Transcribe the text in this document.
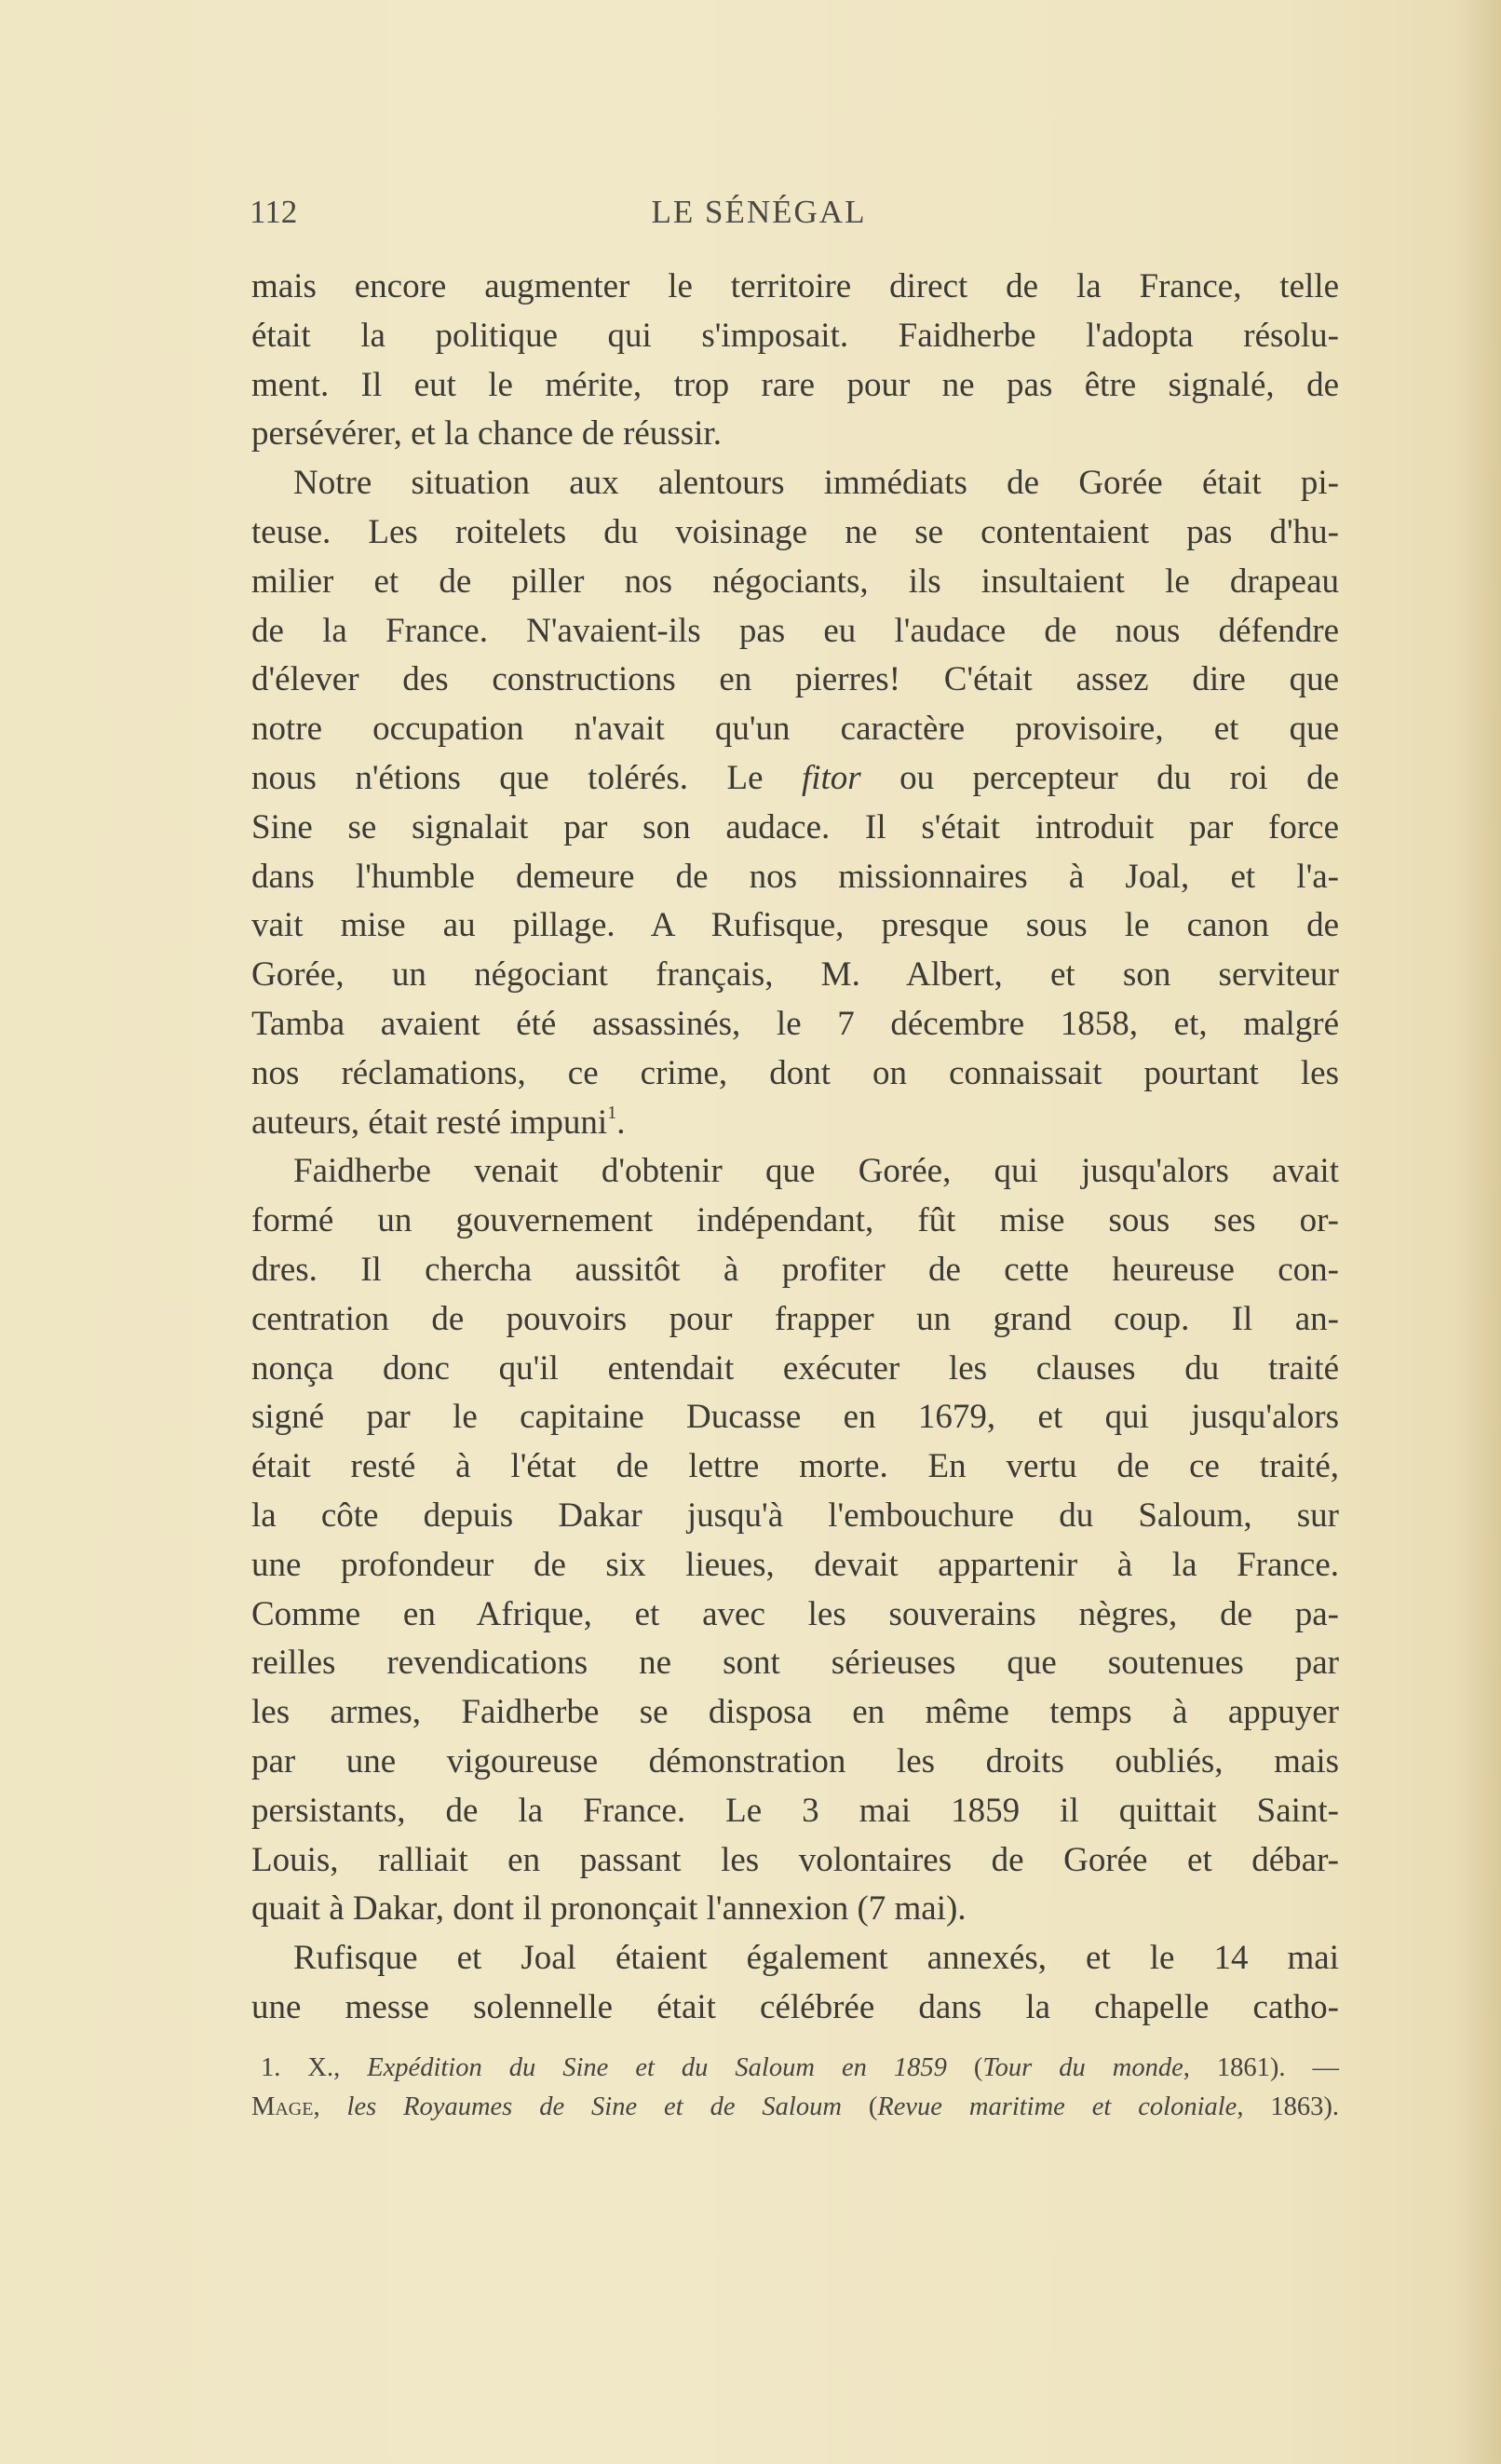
112	LE SÉNÉGAL
mais encore augmenter le territoire direct de la France, telle
était la politique qui s'imposait. Faidherbe l'adopta résolu-
ment. Il eut le mérite, trop rare pour ne pas être signalé, de
persévérer, et la chance de réussir.
Notre situation aux alentours immédiats de Gorée était pi-
teuse. Les roitelets du voisinage ne se contentaient pas d'hu-
milier et de piller nos négociants, ils insultaient le drapeau
de la France. N'avaient-ils pas eu l'audace de nous défendre
d'élever des constructions en pierres! C'était assez dire que
notre occupation n'avait qu'un caractère provisoire, et que
nous n'étions que tolérés. Le fitor ou percepteur du roi de
Sine se signalait par son audace. Il s'était introduit par force
dans l'humble demeure de nos missionnaires à Joal, et l'a-
vait mise au pillage. A Rufisque, presque sous le canon de
Gorée, un négociant français, M. Albert, et son serviteur
Tamba avaient été assassinés, le 7 décembre 1858, et, malgré
nos réclamations, ce crime, dont on connaissait pourtant les
auteurs, était resté impuni$^1$.
Faidherbe venait d'obtenir que Gorée, qui jusqu'alors avait
formé un gouvernement indépendant, fût mise sous ses or-
dres. Il chercha aussitôt à profiter de cette heureuse con-
centration de pouvoirs pour frapper un grand coup. Il an-
nonça donc qu'il entendait exécuter les clauses du traité
signé par le capitaine Ducasse en 1679, et qui jusqu'alors
était resté à l'état de lettre morte. En vertu de ce traité,
la côte depuis Dakar jusqu'à l'embouchure du Saloum, sur
une profondeur de six lieues, devait appartenir à la France.
Comme en Afrique, et avec les souverains nègres, de pa-
reilles revendications ne sont sérieuses que soutenues par
les armes, Faidherbe se disposa en même temps à appuyer
par une vigoureuse démonstration les droits oubliés, mais
persistants, de la France. Le 3 mai 1859 il quittait Saint-
Louis, ralliait en passant les volontaires de Gorée et débar-
quait à Dakar, dont il prononçait l'annexion (7 mai).
Rufisque et Joal étaient également annexés, et le 14 mai
une messe solennelle était célébrée dans la chapelle catho-
1. X., Expédition du Sine et du Saloum en 1859 (Tour du monde, 1861). —
Mage, les Royaumes de Sine et de Saloum (Revue maritime et coloniale, 1863).
